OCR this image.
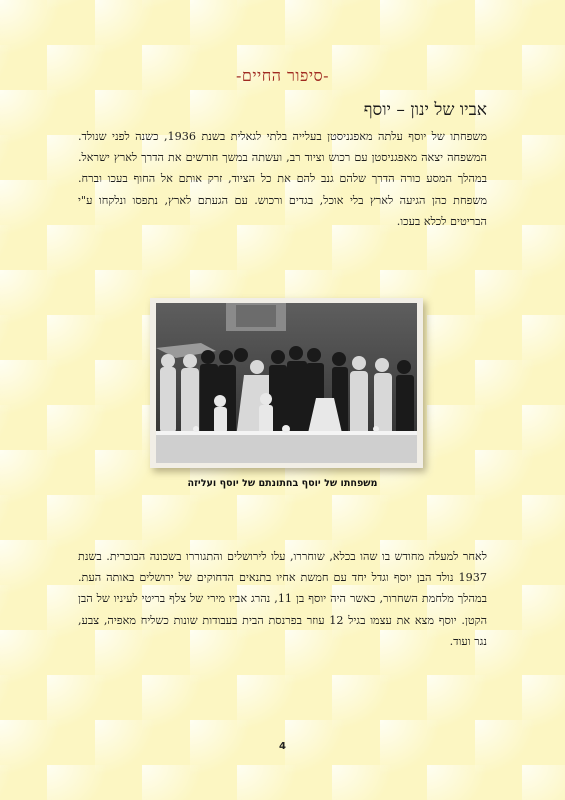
-סיפור החיים-
אביו של ינון – יוסף
משפחתו של יוסף עלתה מאפגניסטן בעלייה בלתי לגאלית בשנת 1936, כשנה לפני שנולד. המשפחה יצאה מאפגניסטן עם רכוש וציוד רב, ועשתה במשך חודשים את הדרך לארץ ישראל. במהלך המסע כורה הדרך שלהם גנב להם את כל הציוד, זרק אותם אל החוף בעכו וברח. משפחת כהן הגיעה לארץ בלי אוכל, בגדים ורכוש. עם הגעתם לארץ, נתפסו ונלקחו ע"י הבריטים לכלא בעכו.
משפחתו של יוסף בחתונתם של יוסף ועליזה
לאחר למעלה מחודש בו שהו בכלא, שוחררו, עלו לירושלים והתגוררו בשכונה הבוכרית. בשנת 1937 נולד הבן יוסף וגדל יחד עם חמשת אחיו בתנאים הדחוקים של ירושלים באותה העת. במהלך מלחמת השחרור, כאשר היה יוסף בן 11, נהרג אביו מירי של צלף בריטי לעיניו של הבן הקטן. יוסף מצא את עצמו בגיל 12 עוזר בפרנסת הבית בעבודות שונות כשליח מאפיה, צבע, נגר ועוד.
4
